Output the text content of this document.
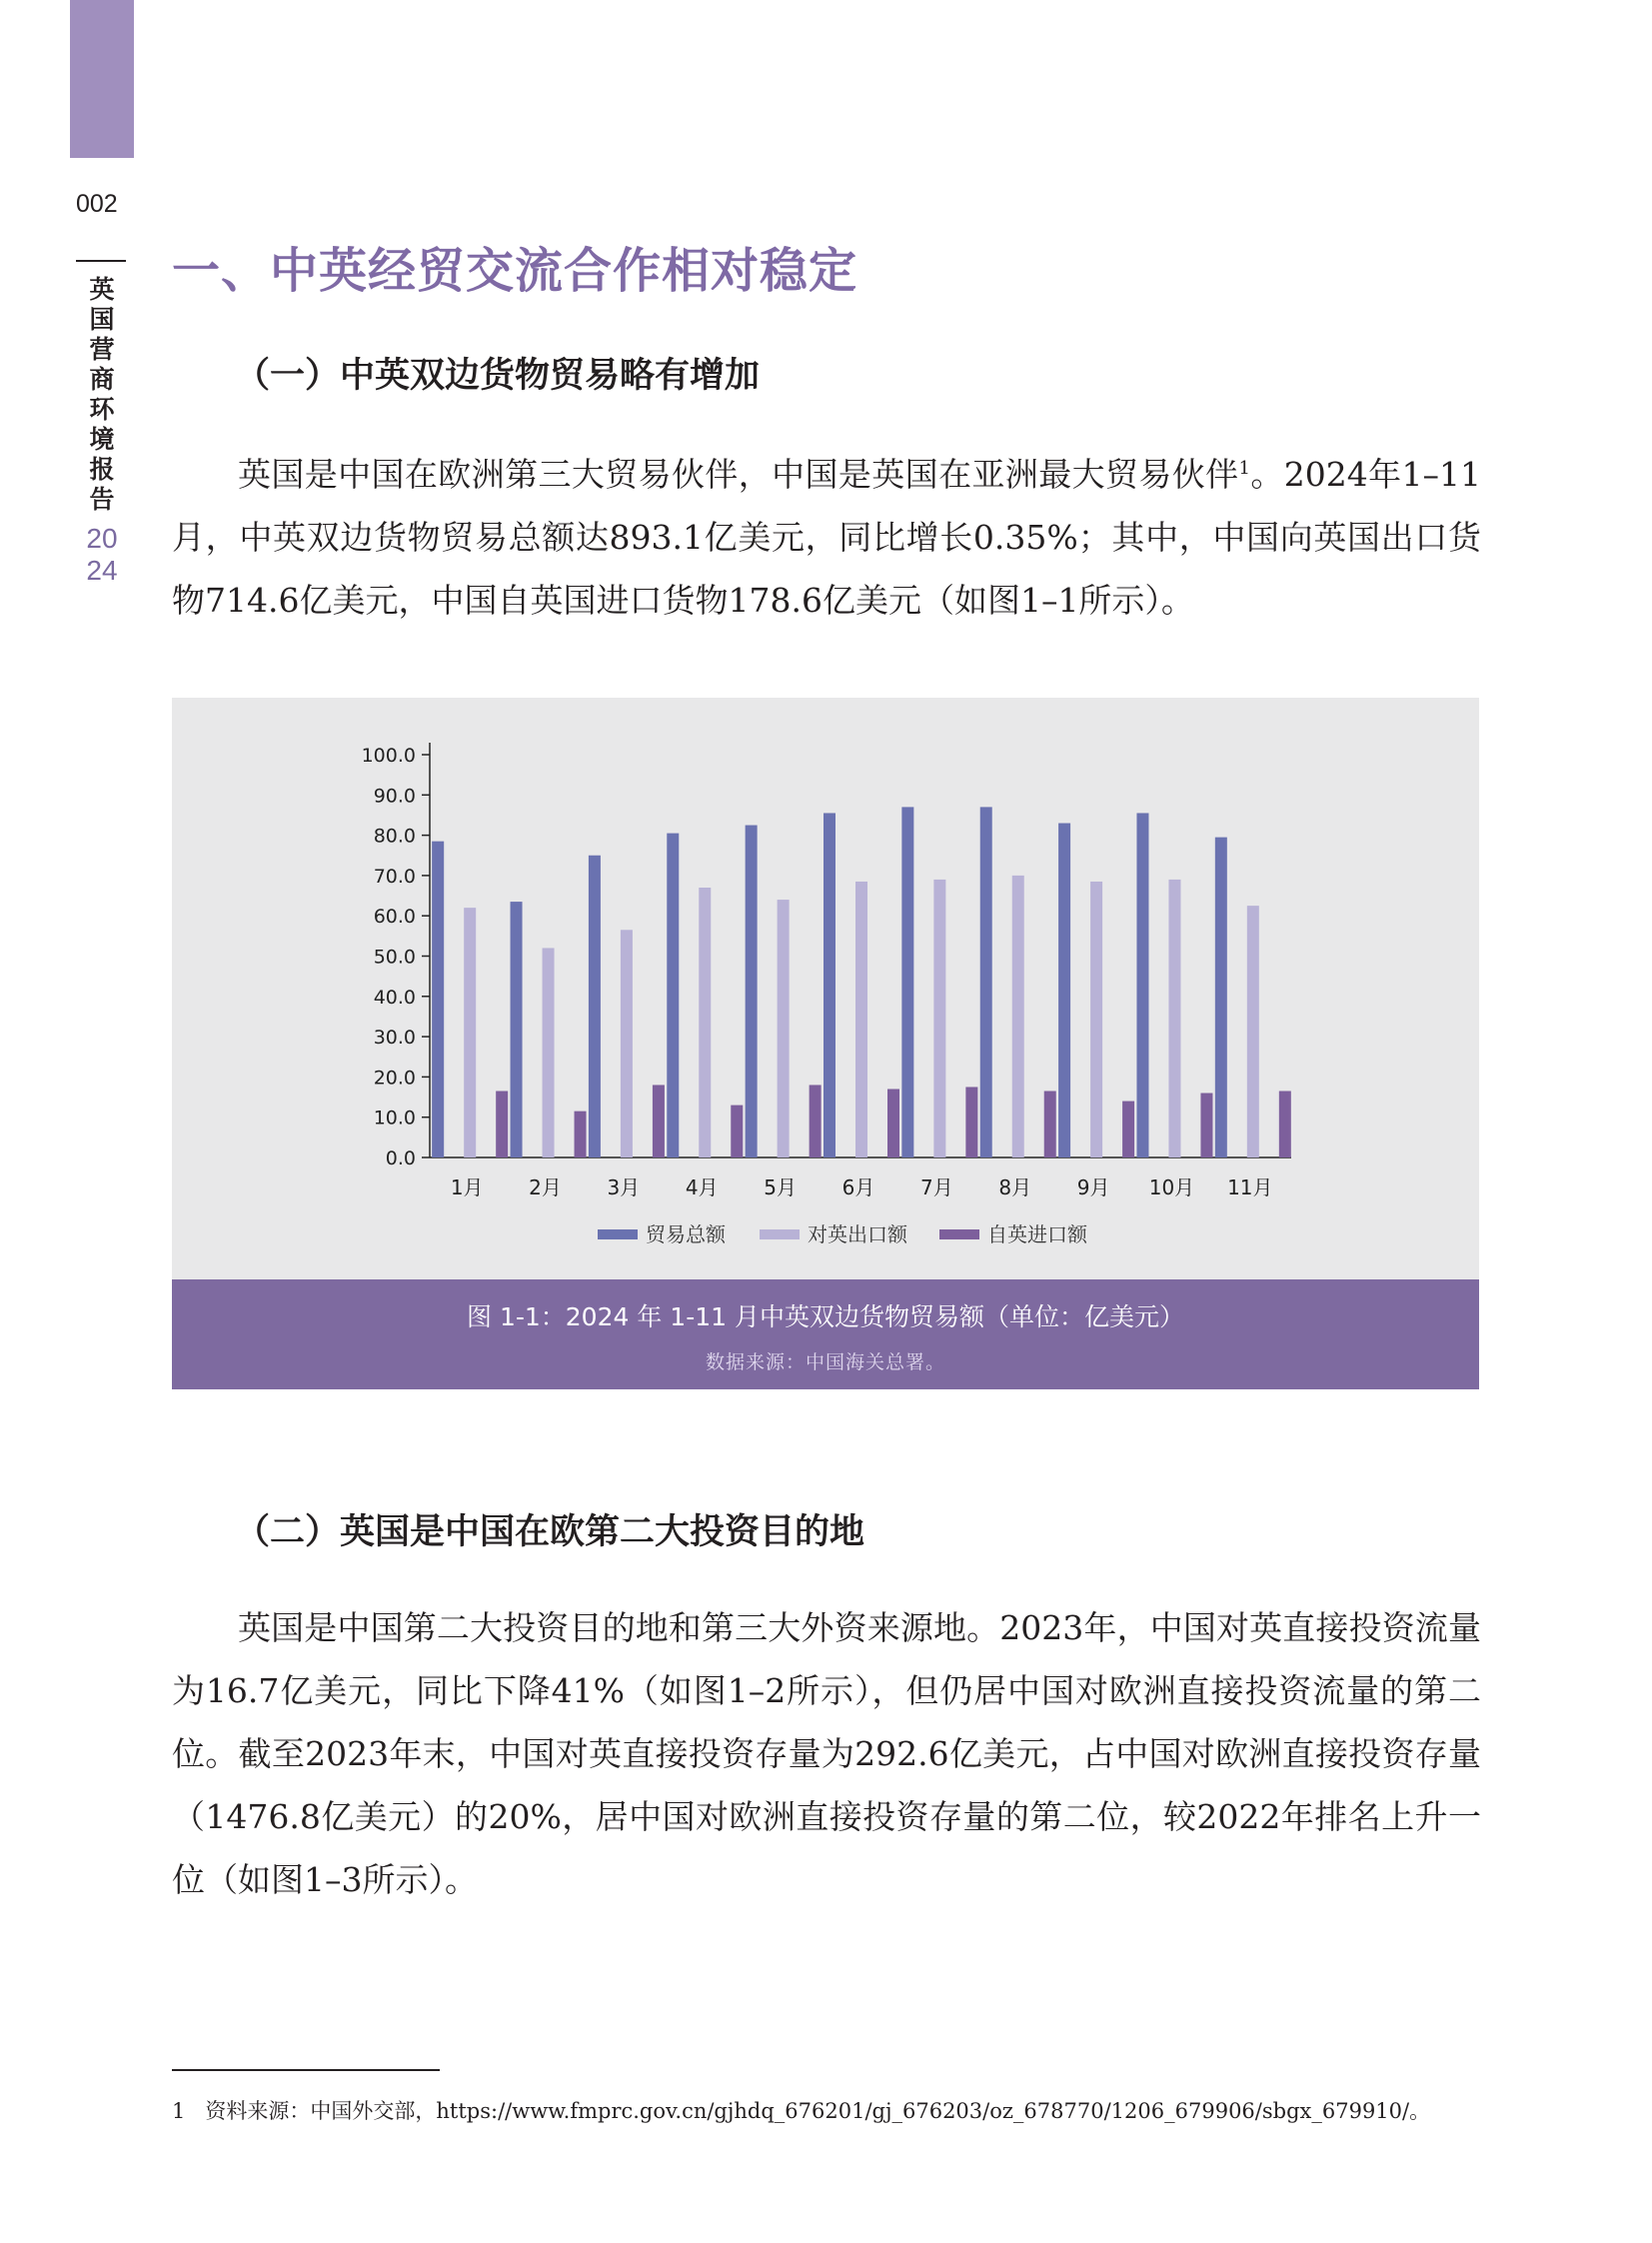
002
英国营商环境报告
2024
一、中英经贸交流合作相对稳定
（一）中英双边货物贸易略有增加

英国是中国在欧洲第三大贸易伙伴，中国是英国在亚洲最大贸易伙伴$^1$。2024年1–11月，中英双边货物贸易总额达893.1亿美元，同比增长0.35%；其中，中国向英国出口货物714.6亿美元，中国自英国进口货物178.6亿美元（如图1–1所示）。

0.0
10.0
20.0
30.0
40.0
50.0
60.0
70.0
80.0
90.0
100.0
1月 2月 3月 4月 5月 6月 7月 8月 9月 10月 11月
贸易总额	对英出口额	自英进口额
图 1-1：2024 年 1-11 月中英双边货物贸易额（单位：亿美元）
数据来源：中国海关总署。
（二）英国是中国在欧第二大投资目的地

英国是中国第二大投资目的地和第三大外资来源地。2023年，中国对英直接投资流量为16.7亿美元，同比下降41%（如图1–2所示），但仍居中国对欧洲直接投资流量的第二位。截至2023年末，中国对英直接投资存量为292.6亿美元，占中国对欧洲直接投资存量（1476.8亿美元）的20%，居中国对欧洲直接投资存量的第二位，较2022年排名上升一位（如图1–3所示）。

1 资料来源：中国外交部，https://www.fmprc.gov.cn/gjhdq_676201/gj_676203/oz_678770/1206_679906/sbgx_679910/。
